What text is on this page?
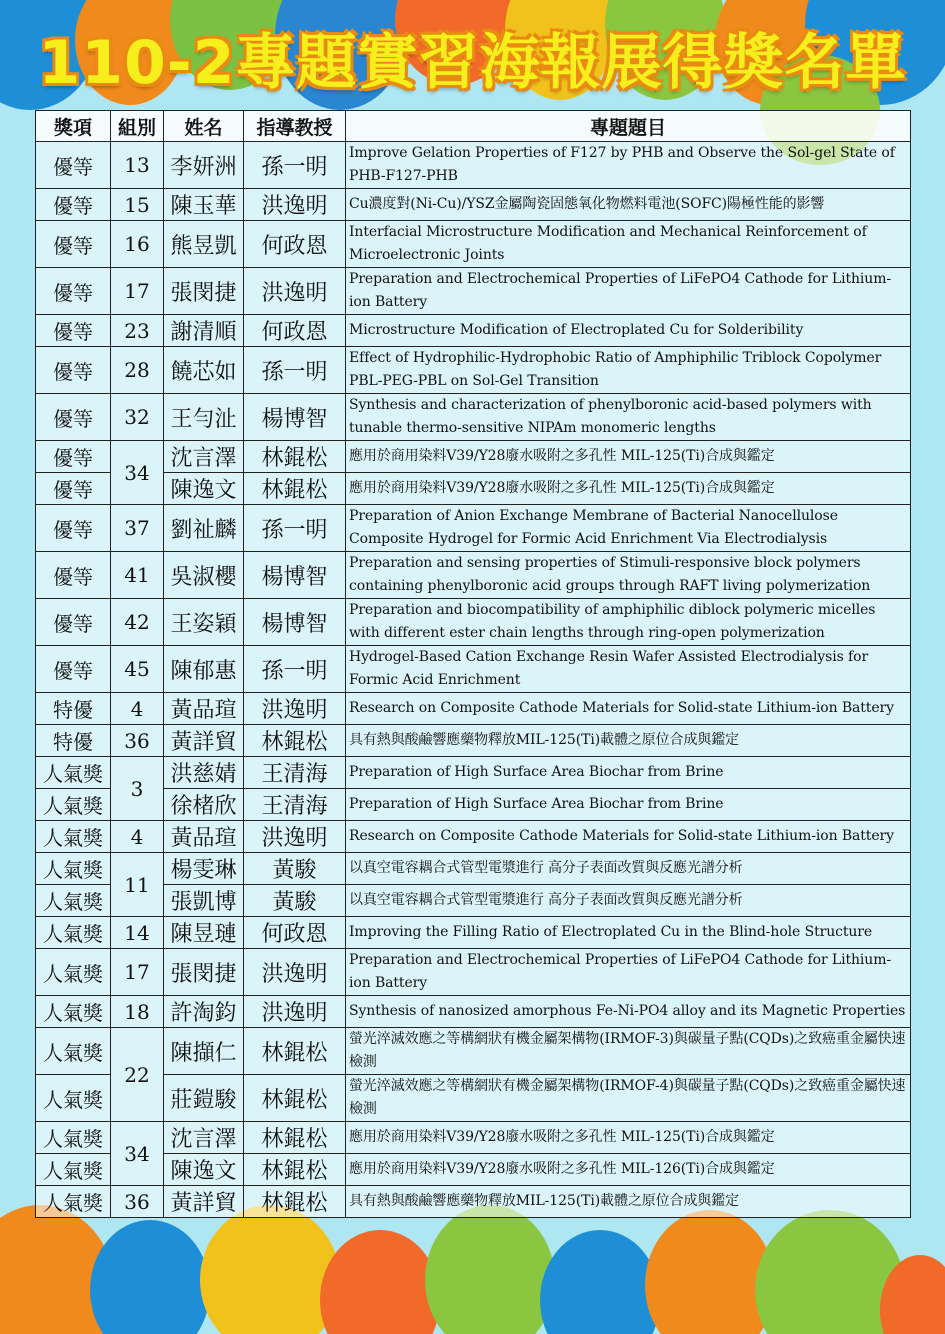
110-2專題實習海報展得獎名單
獎項	組別	姓名	指導教授	專題題目
優等	13	李妍洲	孫一明	Improve Gelation Properties of F127 by PHB and Observe the Sol-gel State of PHB-F127-PHB
優等	15	陳玉華	洪逸明	Cu濃度對(Ni-Cu)/YSZ金屬陶瓷固態氧化物燃料電池(SOFC)陽極性能的影響
優等	16	熊昱凱	何政恩	Interfacial Microstructure Modification and Mechanical Reinforcement of Microelectronic Joints
優等	17	張閔捷	洪逸明	Preparation and Electrochemical Properties of LiFePO4 Cathode for Lithium-ion Battery
優等	23	謝清順	何政恩	Microstructure Modification of Electroplated Cu for Solderibility
優等	28	饒芯如	孫一明	Effect of Hydrophilic-Hydrophobic Ratio of Amphiphilic Triblock Copolymer PBL-PEG-PBL on Sol-Gel Transition
優等	32	王勻沚	楊博智	Synthesis and characterization of phenylboronic acid-based polymers with tunable thermo-sensitive NIPAm monomeric lengths
優等	34	沈言澤	林錕松	應用於商用染料V39/Y28廢水吸附之多孔性 MIL-125(Ti)合成與鑑定
優等		陳逸文	林錕松	應用於商用染料V39/Y28廢水吸附之多孔性 MIL-125(Ti)合成與鑑定
優等	37	劉祉麟	孫一明	Preparation of Anion Exchange Membrane of Bacterial Nanocellulose Composite Hydrogel for Formic Acid Enrichment Via Electrodialysis
優等	41	吳淑櫻	楊博智	Preparation and sensing properties of Stimuli-responsive block polymers containing phenylboronic acid groups through RAFT living polymerization
優等	42	王姿穎	楊博智	Preparation and biocompatibility of amphiphilic diblock polymeric micelles with different ester chain lengths through ring-open polymerization
優等	45	陳郁惠	孫一明	Hydrogel-Based Cation Exchange Resin Wafer Assisted Electrodialysis for Formic Acid Enrichment
特優	4	黃品瑄	洪逸明	Research on Composite Cathode Materials for Solid-state Lithium-ion Battery
特優	36	黃詳貿	林錕松	具有熱與酸鹼響應藥物釋放MIL-125(Ti)載體之原位合成與鑑定
人氣獎	3	洪慈婧	王清海	Preparation of High Surface Area Biochar from Brine
人氣獎		徐楮欣	王清海	Preparation of High Surface Area Biochar from Brine
人氣獎	4	黃品瑄	洪逸明	Research on Composite Cathode Materials for Solid-state Lithium-ion Battery
人氣獎	11	楊雯琳	黃駿	以真空電容耦合式管型電漿進行 高分子表面改質與反應光譜分析
人氣獎		張凱博	黃駿	以真空電容耦合式管型電漿進行 高分子表面改質與反應光譜分析
人氣獎	14	陳昱璉	何政恩	Improving the Filling Ratio of Electroplated Cu in the Blind-hole Structure
人氣獎	17	張閔捷	洪逸明	Preparation and Electrochemical Properties of LiFePO4 Cathode for Lithium-ion Battery
人氣獎	18	許淘鈞	洪逸明	Synthesis of nanosized amorphous Fe-Ni-PO4 alloy and its Magnetic Properties
人氣獎	22	陳擷仁	林錕松	螢光淬滅效應之等構網狀有機金屬架構物(IRMOF-3)與碳量子點(CQDs)之致癌重金屬快速檢測
人氣獎		莊鎧駿	林錕松	螢光淬滅效應之等構網狀有機金屬架構物(IRMOF-4)與碳量子點(CQDs)之致癌重金屬快速檢測
人氣獎	34	沈言澤	林錕松	應用於商用染料V39/Y28廢水吸附之多孔性 MIL-125(Ti)合成與鑑定
人氣獎		陳逸文	林錕松	應用於商用染料V39/Y28廢水吸附之多孔性 MIL-126(Ti)合成與鑑定
人氣獎	36	黃詳貿	林錕松	具有熱與酸鹼響應藥物釋放MIL-125(Ti)載體之原位合成與鑑定
